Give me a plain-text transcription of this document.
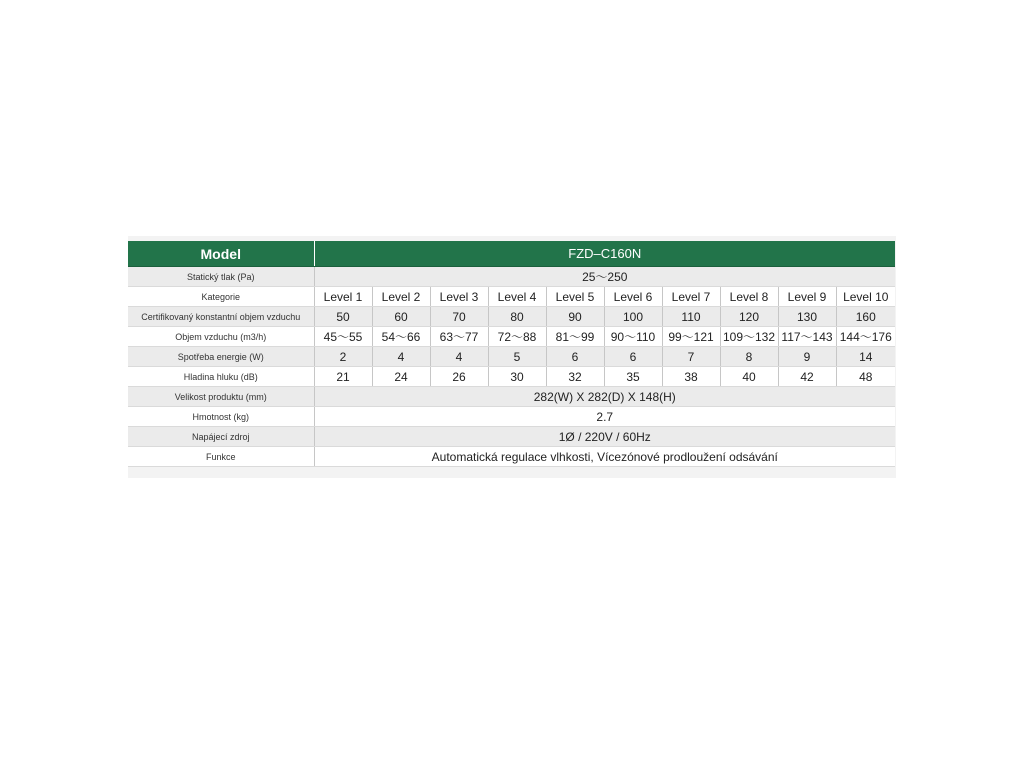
Model	FZD–C160N									
Statický tlak (Pa)	25〜250									
Kategorie	Level 1	Level 2	Level 3	Level 4	Level 5	Level 6	Level 7	Level 8	Level 9	Level 10
Certifikovaný konstantní objem vzduchu	50	60	70	80	90	100	110	120	130	160
Objem vzduchu (m3/h)	45〜55	54〜66	63〜77	72〜88	81〜99	90〜110	99〜121	109〜132	117〜143	144〜176
Spotřeba energie (W)	2	4	4	5	6	6	7	8	9	14
Hladina hluku (dB)	21	24	26	30	32	35	38	40	42	48
Velikost produktu (mm)	282(W) X 282(D) X 148(H)									
Hmotnost (kg)	2.7									
Napájecí zdroj	1Ø / 220V / 60Hz									
Funkce	Automatická regulace vlhkosti, Vícezónové prodloužení odsávání									
